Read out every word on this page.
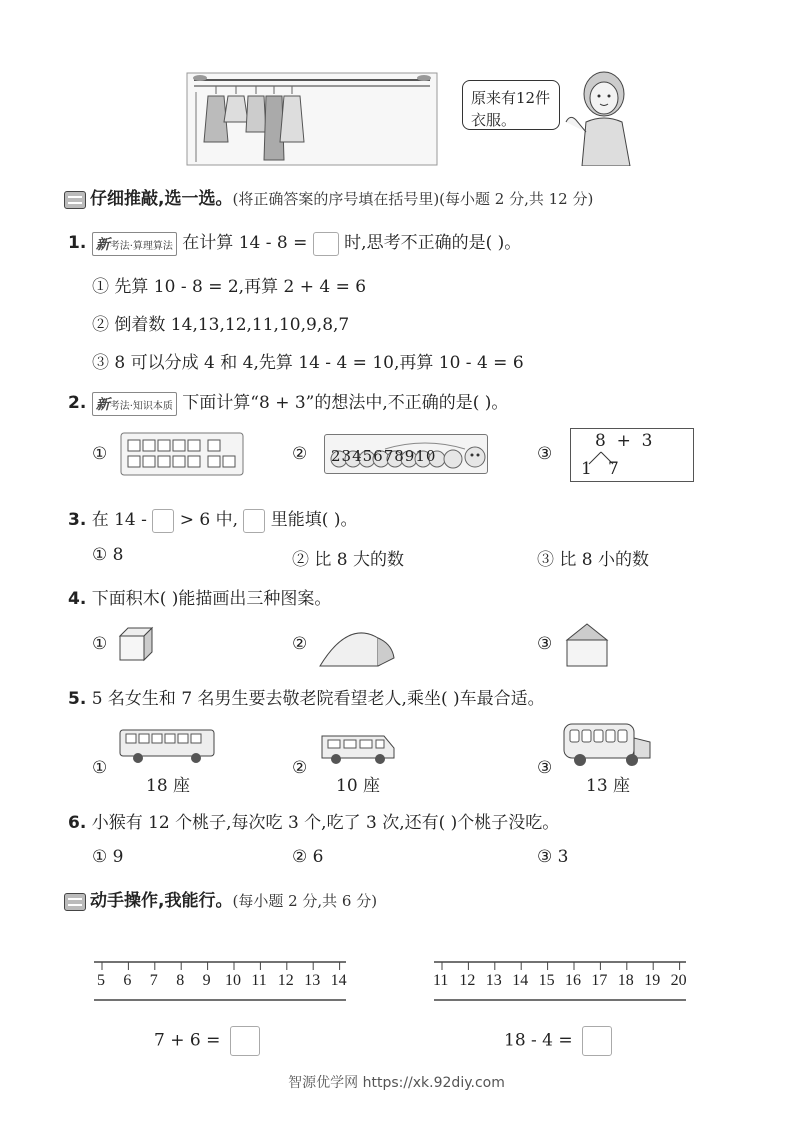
原来有12件衣服。
仔细推敲,选一选。(将正确答案的序号填在括号里)(每小题 2 分,共 12 分)
1. 新考法·算理算法 在计算 14 - 8 = 时,思考不正确的是( )。
① 先算 10 - 8 = 2,再算 2 + 4 = 6
② 倒着数 14,13,12,11,10,9,8,7
③ 8 可以分成 4 和 4,先算 14 - 4 = 10,再算 10 - 4 = 6
2. 新考法·知识本质 下面计算“8 + 3”的想法中,不正确的是( )。
①	② 2345678910	③
8  +  3
1   7
3. 在 14 - > 6 中, 里能填( )。
① 8	② 比 8 大的数	③ 比 8 小的数
4. 下面积木( )能描画出三种图案。
①	②	③
5. 5 名女生和 7 名男生要去敬老院看望老人,乘坐( )车最合适。
①
18 座
②
10 座
③
13 座
6. 小猴有 12 个桃子,每次吃 3 个,吃了 3 次,还有( )个桃子没吃。
① 9	② 6	③ 3
动手操作,我能行。(每小题 2 分,共 6 分)
5 6 7 8 9 10 11 12 13 14
7 + 6 =
11 12 13 14 15 16 17 18 19 20
18 - 4 =
智源优学网 https://xk.92diy.com
